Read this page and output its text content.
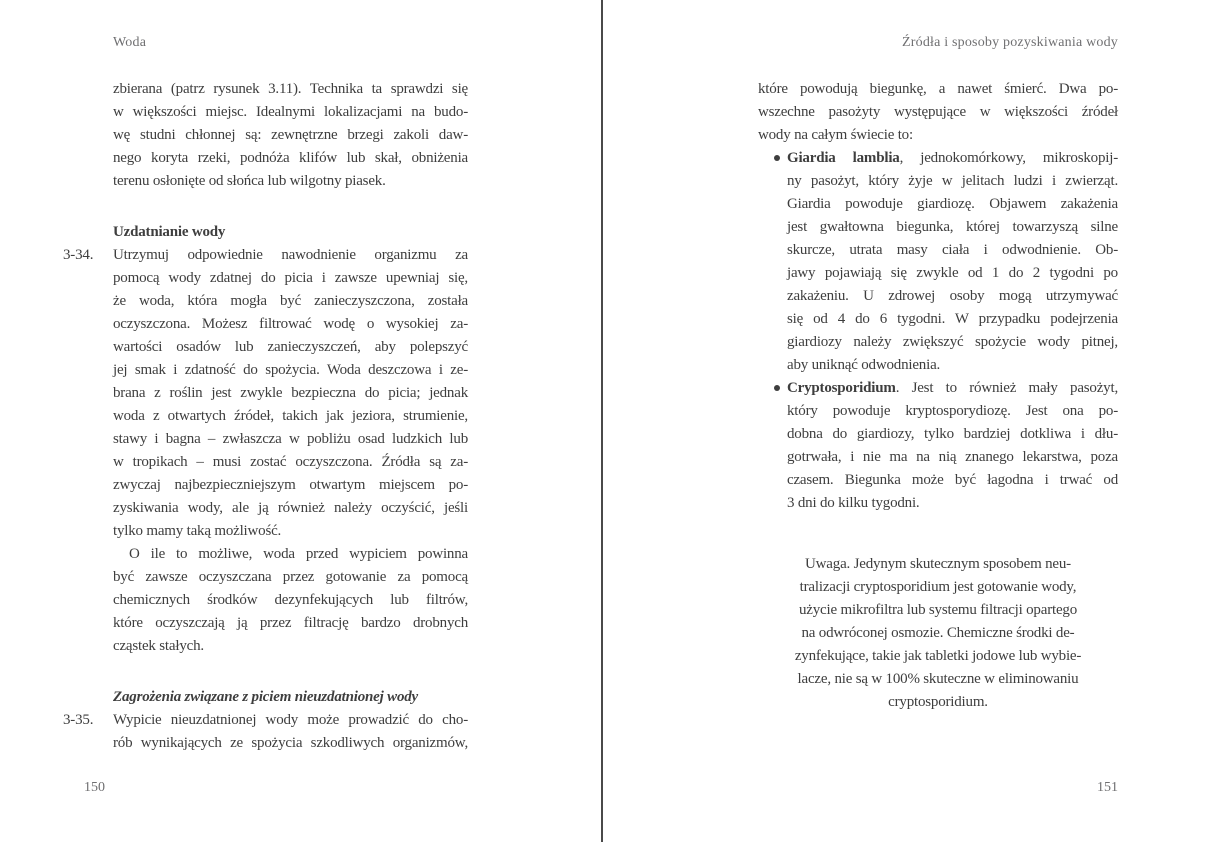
Woda
zbierana (patrz rysunek 3.11). Technika ta sprawdzi się
w większości miejsc. Idealnymi lokalizacjami na budo-
wę studni chłonnej są: zewnętrzne brzegi zakoli daw-
nego koryta rzeki, podnóża klifów lub skał, obniżenia
terenu osłonięte od słońca lub wilgotny piasek.
Uzdatnianie wody
3-34.	Utrzymuj odpowiednie nawodnienie organizmu za
pomocą wody zdatnej do picia i zawsze upewniaj się,
że woda, która mogła być zanieczyszczona, została
oczyszczona. Możesz filtrować wodę o wysokiej za-
wartości osadów lub zanieczyszczeń, aby polepszyć
jej smak i zdatność do spożycia. Woda deszczowa i ze-
brana z roślin jest zwykle bezpieczna do picia; jednak
woda z otwartych źródeł, takich jak jeziora, strumienie,
stawy i bagna – zwłaszcza w pobliżu osad ludzkich lub
w tropikach – musi zostać oczyszczona. Źródła są za-
zwyczaj najbezpieczniejszym otwartym miejscem po-
zyskiwania wody, ale ją również należy oczyścić, jeśli
tylko mamy taką możliwość.
O ile to możliwe, woda przed wypiciem powinna
być zawsze oczyszczana przez gotowanie za pomocą
chemicznych środków dezynfekujących lub filtrów,
które oczyszczają ją przez filtrację bardzo drobnych
cząstek stałych.
Zagrożenia związane z piciem nieuzdatnionej wody
3-35.	Wypicie nieuzdatnionej wody może prowadzić do cho-
rób wynikających ze spożycia szkodliwych organizmów,
150
Źródła i sposoby pozyskiwania wody
które powodują biegunkę, a nawet śmierć. Dwa po-
wszechne pasożyty występujące w większości źródeł
wody na całym świecie to:
Giardia lamblia, jednokomórkowy, mikroskopij-
ny pasożyt, który żyje w jelitach ludzi i zwierząt.
Giardia powoduje giardiozę. Objawem zakażenia
jest gwałtowna biegunka, której towarzyszą silne
skurcze, utrata masy ciała i odwodnienie. Ob-
jawy pojawiają się zwykle od 1 do 2 tygodni po
zakażeniu. U zdrowej osoby mogą utrzymywać
się od 4 do 6 tygodni. W przypadku podejrzenia
giardiozy należy zwiększyć spożycie wody pitnej,
aby uniknąć odwodnienia.
Cryptosporidium. Jest to również mały pasożyt,
który powoduje kryptosporydiozę. Jest ona po-
dobna do giardiozy, tylko bardziej dotkliwa i dłu-
gotrwała, i nie ma na nią znanego lekarstwa, poza
czasem. Biegunka może być łagodna i trwać od
3 dni do kilku tygodni.
Uwaga. Jedynym skutecznym sposobem neu-
tralizacji cryptosporidium jest gotowanie wody,
użycie mikrofiltra lub systemu filtracji opartego
na odwróconej osmozie. Chemiczne środki de-
zynfekujące, takie jak tabletki jodowe lub wybie-
lacze, nie są w 100% skuteczne w eliminowaniu
cryptosporidium.
151
